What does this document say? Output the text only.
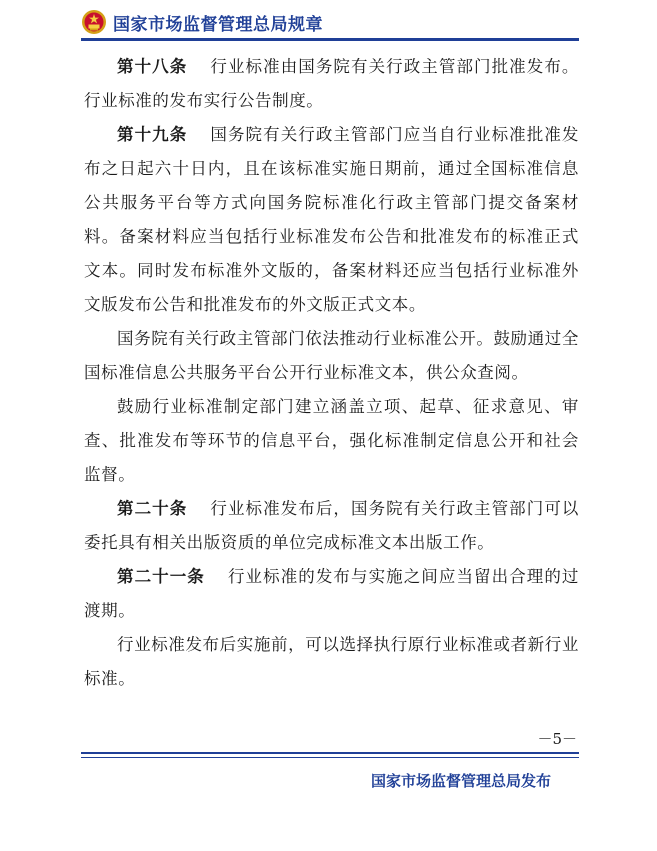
国家市场监督管理总局规章

第十八条 行业标准由国务院有关行政主管部门批准发布。行业标准的发布实行公告制度。

第十九条 国务院有关行政主管部门应当自行业标准批准发布之日起六十日内，且在该标准实施日期前，通过全国标准信息公共服务平台等方式向国务院标准化行政主管部门提交备案材料。备案材料应当包括行业标准发布公告和批准发布的标准正式文本。同时发布标准外文版的，备案材料还应当包括行业标准外文版发布公告和批准发布的外文版正式文本。

国务院有关行政主管部门依法推动行业标准公开。鼓励通过全国标准信息公共服务平台公开行业标准文本，供公众查阅。

鼓励行业标准制定部门建立涵盖立项、起草、征求意见、审查、批准发布等环节的信息平台，强化标准制定信息公开和社会监督。

第二十条 行业标准发布后，国务院有关行政主管部门可以委托具有相关出版资质的单位完成标准文本出版工作。

第二十一条 行业标准的发布与实施之间应当留出合理的过渡期。

行业标准发布后实施前，可以选择执行原行业标准或者新行业标准。

－5－
国家市场监督管理总局发布
